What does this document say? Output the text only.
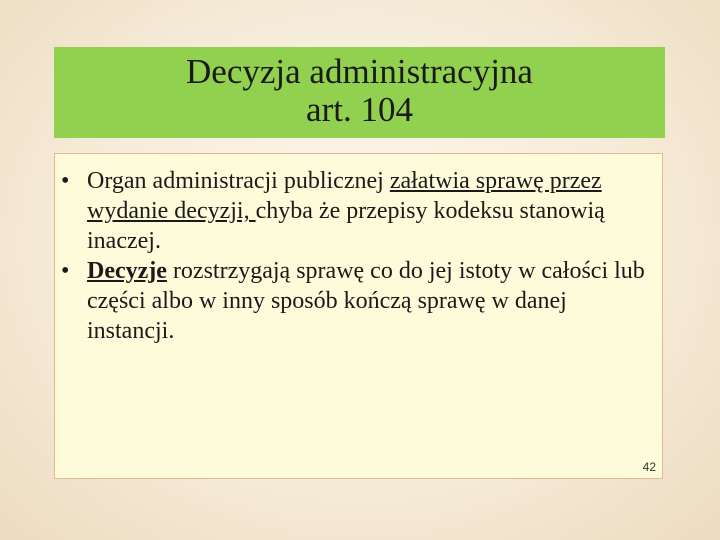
Decyzja administracyjna
art. 104
• Organ administracji publicznej załatwia sprawę przez wydanie decyzji, chyba że przepisy kodeksu stanowią inaczej.
• Decyzje rozstrzygają sprawę co do jej istoty w całości lub części albo w inny sposób kończą sprawę w danej instancji.
42
